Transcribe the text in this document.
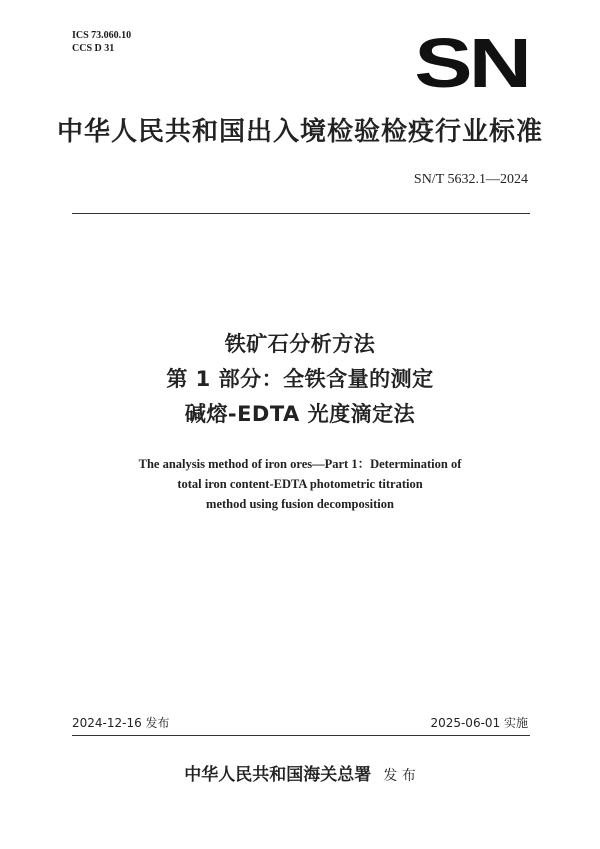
ICS 73.060.10
CCS D 31	SN
中华人民共和国出入境检验检疫行业标准
SN/T 5632.1—2024
铁矿石分析方法
第 1 部分：全铁含量的测定
碱熔-EDTA 光度滴定法
The analysis method of iron ores—Part 1：Determination of
total iron content-EDTA photometric titration
method using fusion decomposition
2024-12-16 发布	2025-06-01 实施
中华人民共和国海关总署 发 布
